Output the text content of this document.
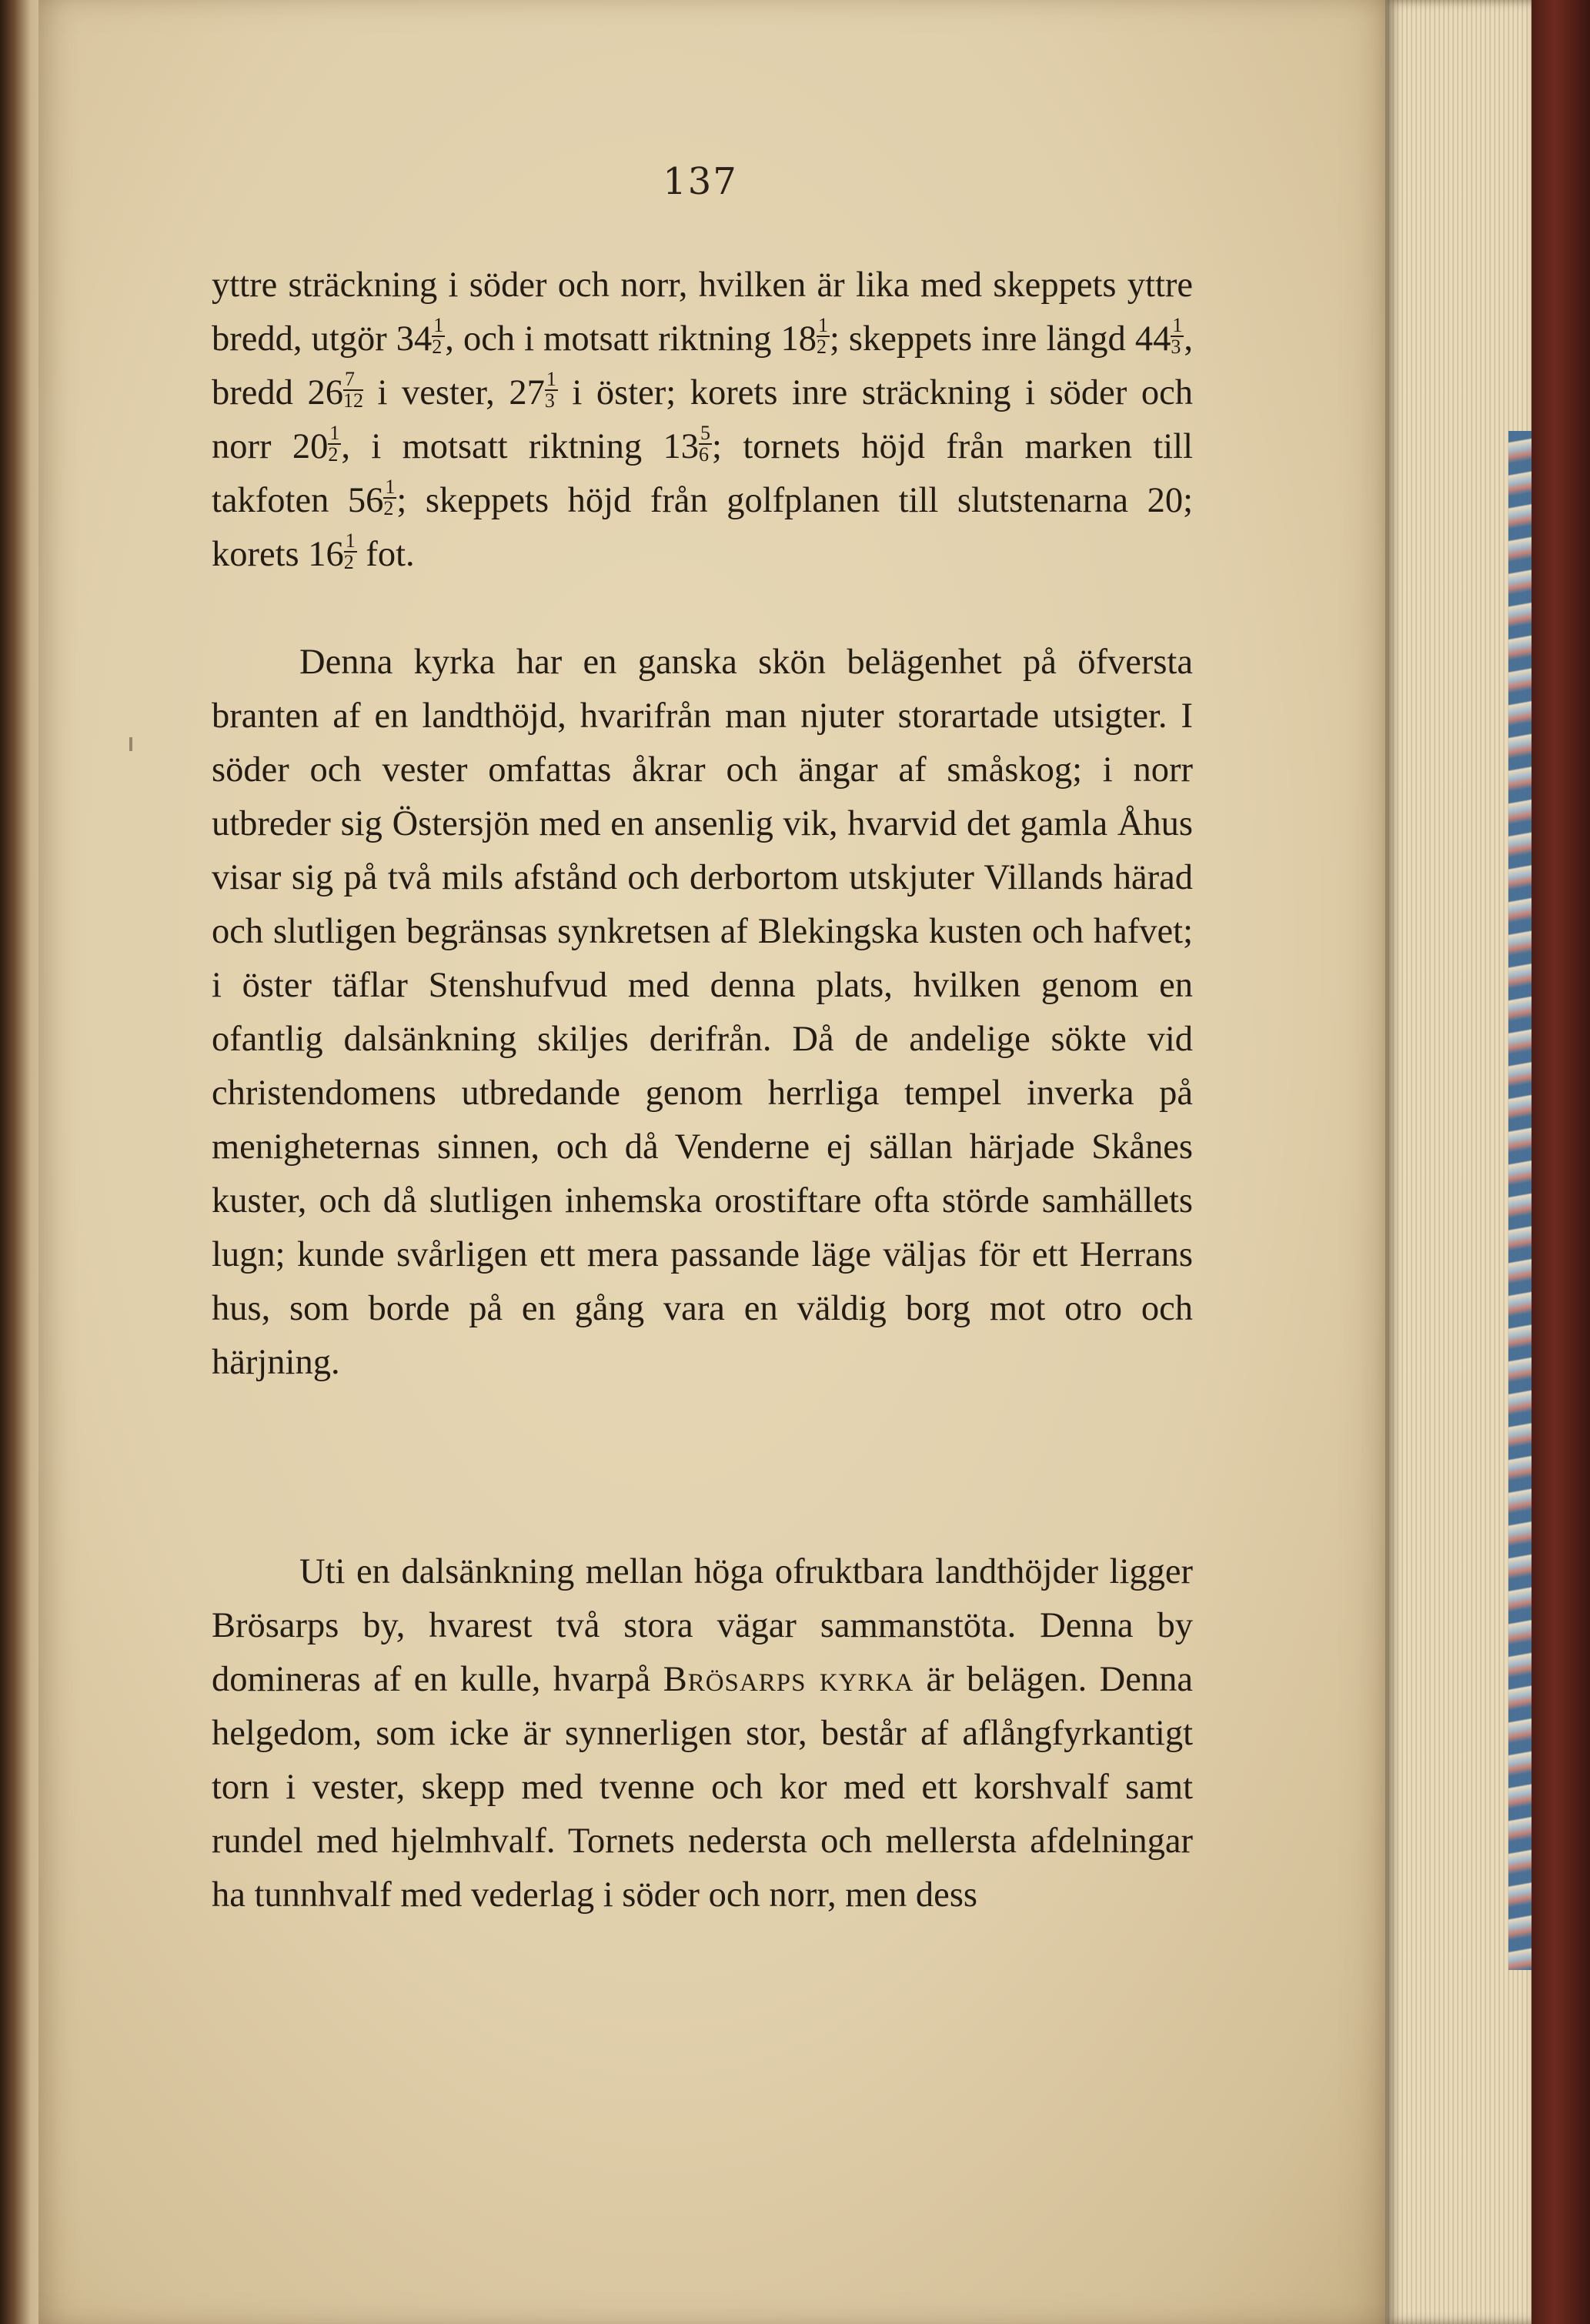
137

yttre sträckning i söder och norr, hvilken är lika med skeppets yttre bredd, utgör $34 \frac{1}{2}$ , och i motsatt riktning $18 \frac{1}{2}$ ; skeppets inre längd $44 \frac{1}{3}$ , bredd $26 \frac{7}{12}$ i vester, $27 \frac{1}{3}$ i öster; korets inre sträckning i söder och norr $20 \frac{1}{2}$ , i motsatt riktning $13 \frac{5}{6}$ ; tornets höjd från marken till takfoten $56 \frac{1}{2}$ ; skeppets höjd från golfplanen till slutstenarna 20; korets $16 \frac{1}{2}$ fot.

Denna kyrka har en ganska skön belägenhet på öfversta branten af en landthöjd, hvarifrån man njuter storartade utsigter. I söder och vester omfattas åkrar och ängar af småskog; i norr utbreder sig Östersjön med en ansenlig vik, hvarvid det gamla Åhus visar sig på två mils afstånd och derbortom utskjuter Villands härad och slutligen begränsas synkretsen af Blekingska kusten och hafvet; i öster täflar Stenshufvud med denna plats, hvilken genom en ofantlig dalsänkning skiljes derifrån. Då de andelige sökte vid christendomens utbredande genom herrliga tempel inverka på menigheternas sinnen, och då Venderne ej sällan härjade Skånes kuster, och då slutligen inhemska orostiftare ofta störde samhällets lugn; kunde svårligen ett mera passande läge väljas för ett Herrans hus, som borde på en gång vara en väldig borg mot otro och härjning.

Uti en dalsänkning mellan höga ofruktbara landthöjder ligger Brösarps by, hvarest två stora vägar sammanstöta. Denna by domineras af en kulle, hvarpå Brösarps kyrka är belägen. Denna helgedom, som icke är synnerligen stor, består af aflångfyrkantigt torn i vester, skepp med tvenne och kor med ett korshvalf samt rundel med hjelmhvalf. Tornets nedersta och mellersta afdelningar ha tunnhvalf med vederlag i söder och norr, men dess
